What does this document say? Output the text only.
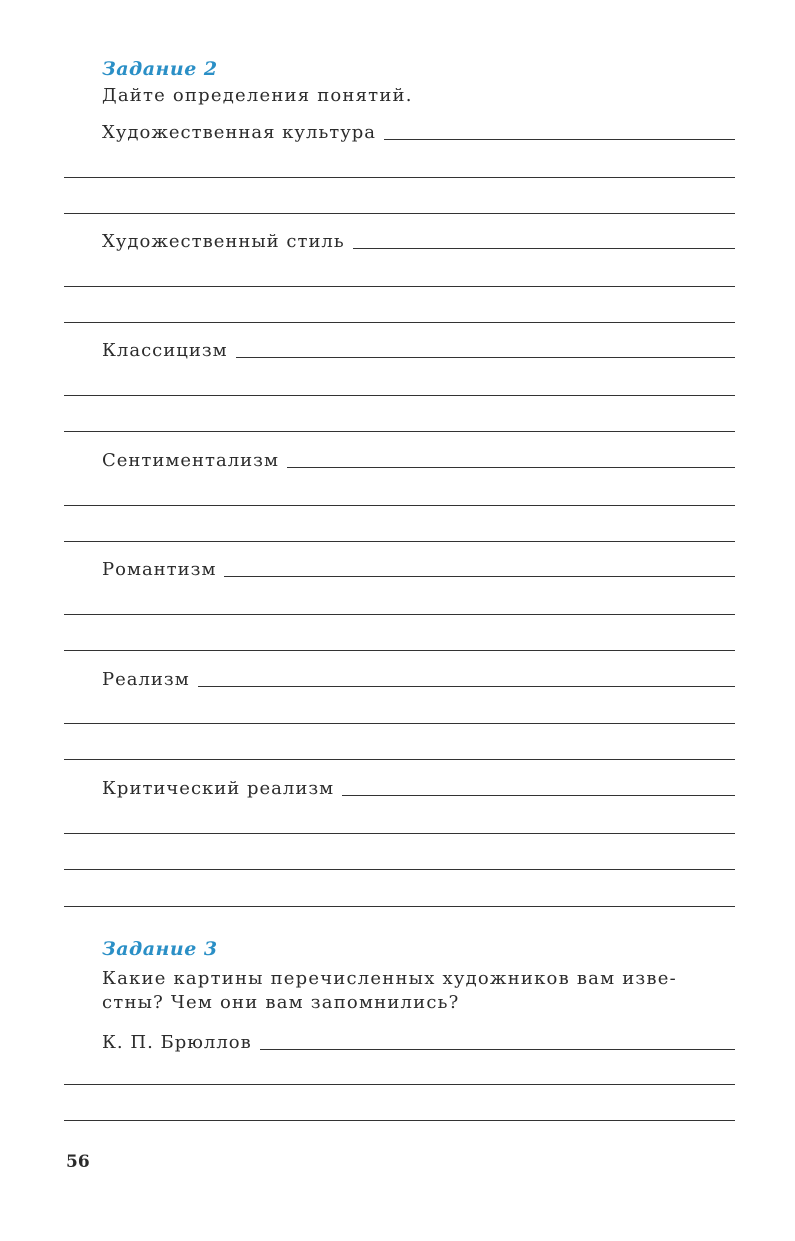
Задание 2
Дайте определения понятий.
Художественная культура
Художественный стиль
Классицизм
Сентиментализм
Романтизм
Реализм
Критический реализм
Задание 3
Какие картины перечисленных художников вам изве-
стны? Чем они вам запомнились?
К. П. Брюллов
56
